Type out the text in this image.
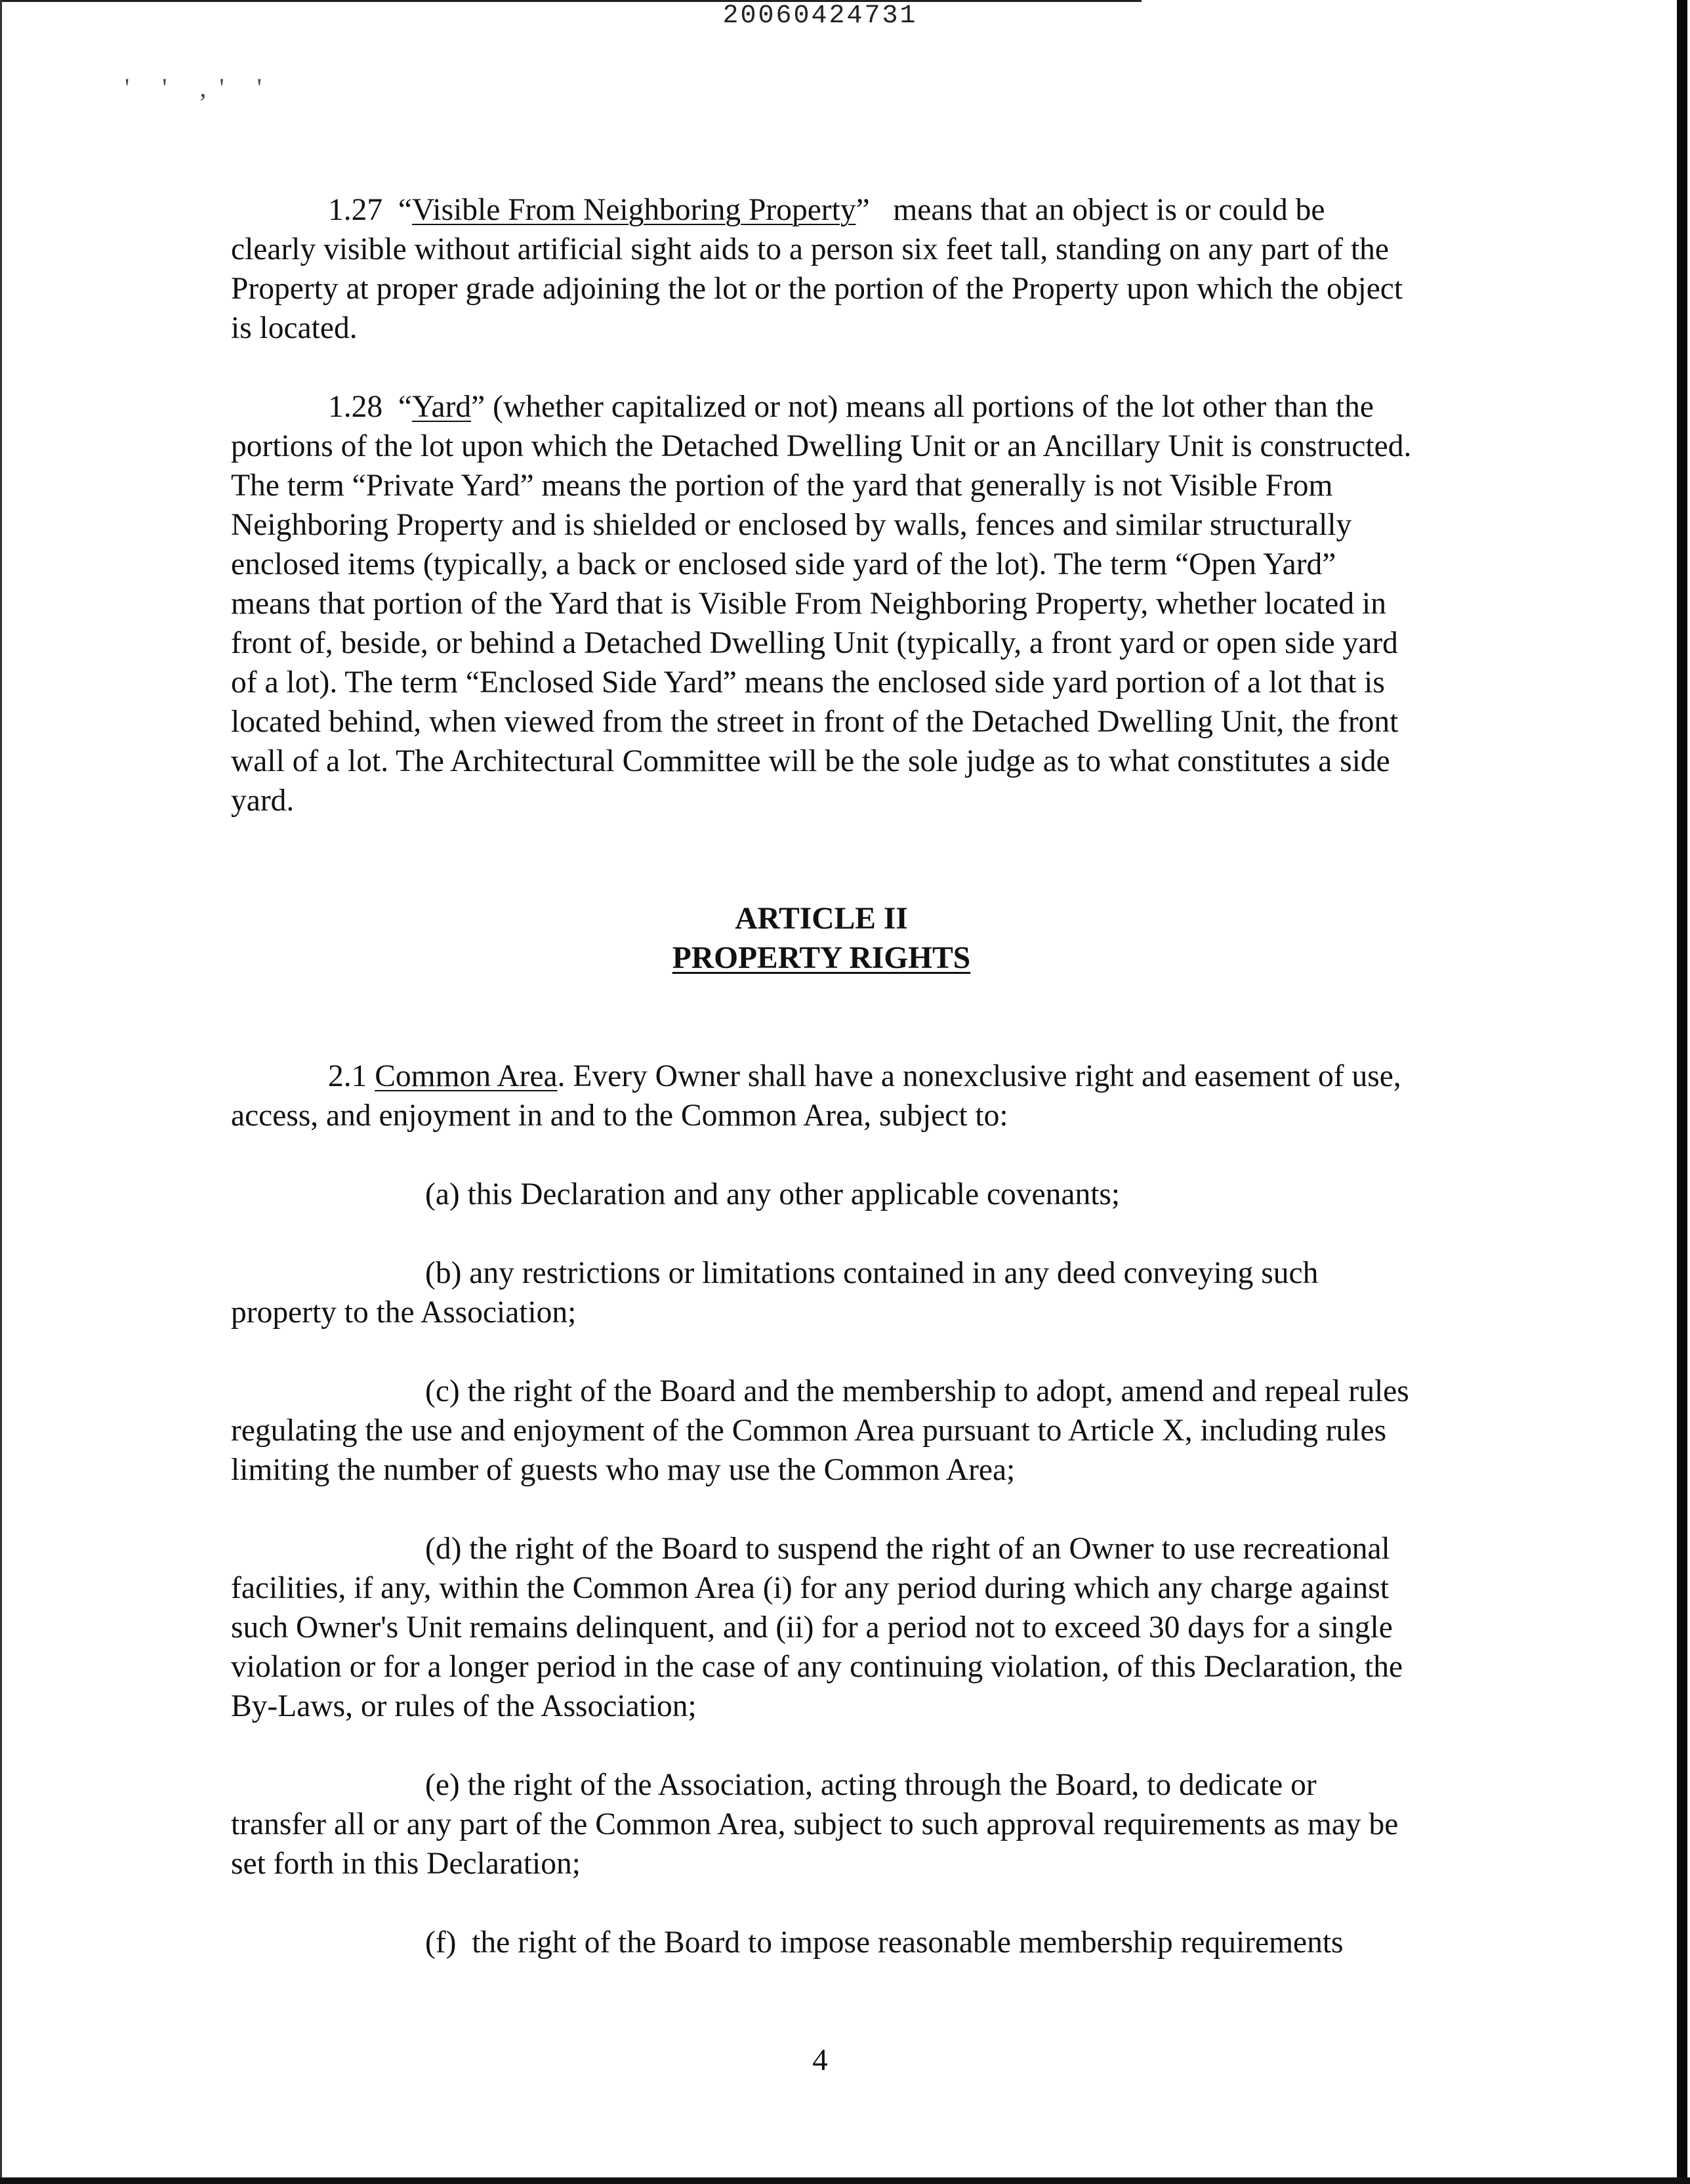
20060424731
' ' ,' '

1.27 “Visible From Neighboring Property” means that an object is or could be clearly visible without artificial sight aids to a person six feet tall, standing on any part of the Property at proper grade adjoining the lot or the portion of the Property upon which the object is located.

1.28 “Yard” (whether capitalized or not) means all portions of the lot other than the portions of the lot upon which the Detached Dwelling Unit or an Ancillary Unit is constructed. The term “Private Yard” means the portion of the yard that generally is not Visible From Neighboring Property and is shielded or enclosed by walls, fences and similar structurally enclosed items (typically, a back or enclosed side yard of the lot). The term “Open Yard” means that portion of the Yard that is Visible From Neighboring Property, whether located in front of, beside, or behind a Detached Dwelling Unit (typically, a front yard or open side yard of a lot). The term “Enclosed Side Yard” means the enclosed side yard portion of a lot that is located behind, when viewed from the street in front of the Detached Dwelling Unit, the front wall of a lot. The Architectural Committee will be the sole judge as to what constitutes a side yard.

ARTICLE II
PROPERTY RIGHTS

2.1 Common Area. Every Owner shall have a nonexclusive right and easement of use, access, and enjoyment in and to the Common Area, subject to:

(a) this Declaration and any other applicable covenants;

(b) any restrictions or limitations contained in any deed conveying such property to the Association;

(c) the right of the Board and the membership to adopt, amend and repeal rules regulating the use and enjoyment of the Common Area pursuant to Article X, including rules limiting the number of guests who may use the Common Area;

(d) the right of the Board to suspend the right of an Owner to use recreational facilities, if any, within the Common Area (i) for any period during which any charge against such Owner's Unit remains delinquent, and (ii) for a period not to exceed 30 days for a single violation or for a longer period in the case of any continuing violation, of this Declaration, the By-Laws, or rules of the Association;

(e) the right of the Association, acting through the Board, to dedicate or transfer all or any part of the Common Area, subject to such approval requirements as may be set forth in this Declaration;

(f) the right of the Board to impose reasonable membership requirements

4
